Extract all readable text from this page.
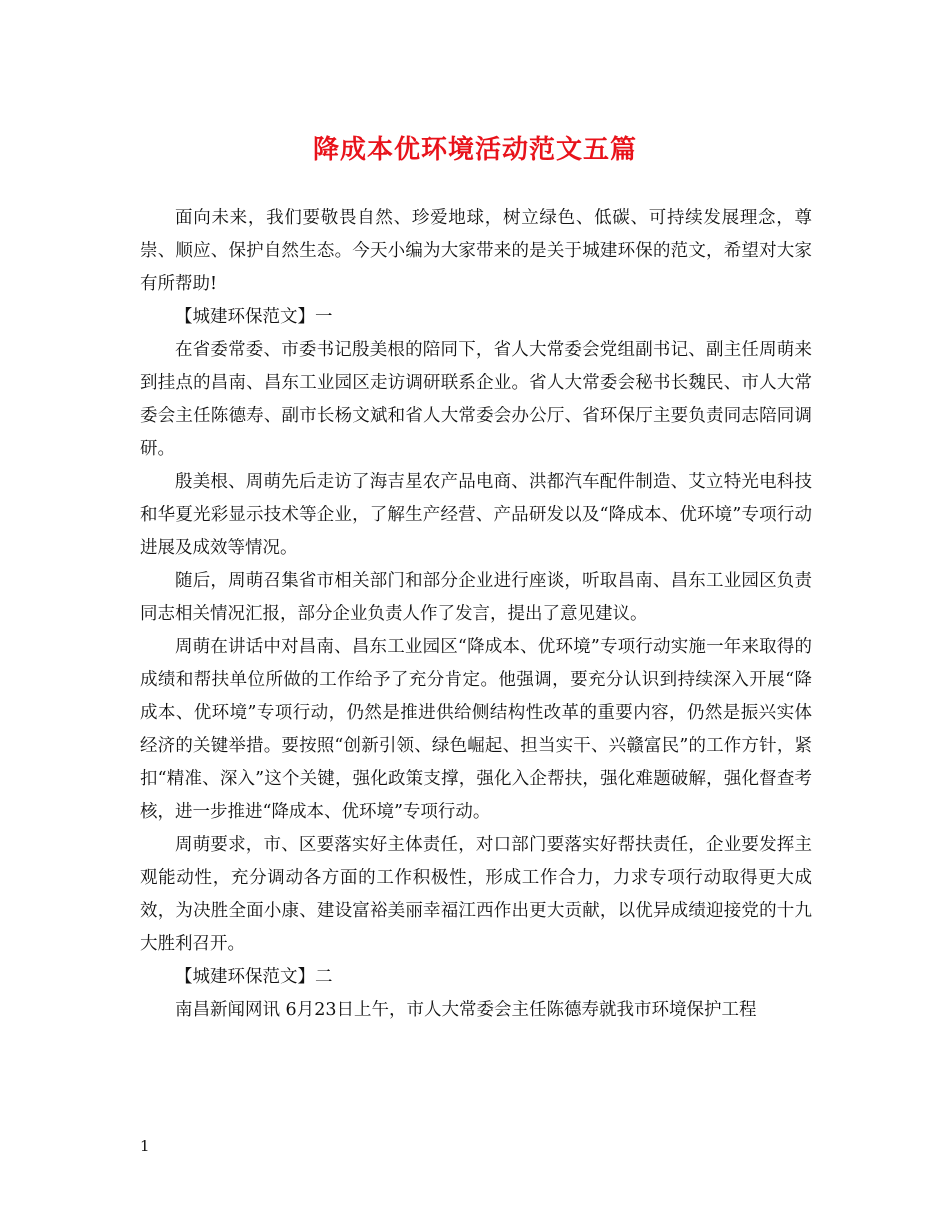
降成本优环境活动范文五篇

面向未来，我们要敬畏自然、珍爱地球，树立绿色、低碳、可持续发展理念，尊崇、顺应、保护自然生态。今天小编为大家带来的是关于城建环保的范文，希望对大家有所帮助!

【城建环保范文】一

在省委常委、市委书记殷美根的陪同下，省人大常委会党组副书记、副主任周萌来到挂点的昌南、昌东工业园区走访调研联系企业。省人大常委会秘书长魏民、市人大常委会主任陈德寿、副市长杨文斌和省人大常委会办公厅、省环保厅主要负责同志陪同调研。

殷美根、周萌先后走访了海吉星农产品电商、洪都汽车配件制造、艾立特光电科技和华夏光彩显示技术等企业，了解生产经营、产品研发以及“降成本、优环境”专项行动进展及成效等情况。

随后，周萌召集省市相关部门和部分企业进行座谈，听取昌南、昌东工业园区负责同志相关情况汇报，部分企业负责人作了发言，提出了意见建议。

周萌在讲话中对昌南、昌东工业园区“降成本、优环境”专项行动实施一年来取得的成绩和帮扶单位所做的工作给予了充分肯定。他强调，要充分认识到持续深入开展“降成本、优环境”专项行动，仍然是推进供给侧结构性改革的重要内容，仍然是振兴实体经济的关键举措。要按照“创新引领、绿色崛起、担当实干、兴赣富民”的工作方针，紧扣“精准、深入”这个关键，强化政策支撑，强化入企帮扶，强化难题破解，强化督查考核，进一步推进“降成本、优环境”专项行动。

周萌要求，市、区要落实好主体责任，对口部门要落实好帮扶责任，企业要发挥主观能动性，充分调动各方面的工作积极性，形成工作合力，力求专项行动取得更大成效，为决胜全面小康、建设富裕美丽幸福江西作出更大贡献，以优异成绩迎接党的十九大胜利召开。

【城建环保范文】二

南昌新闻网讯 6月23日上午，市人大常委会主任陈德寿就我市环境保护工程

1
